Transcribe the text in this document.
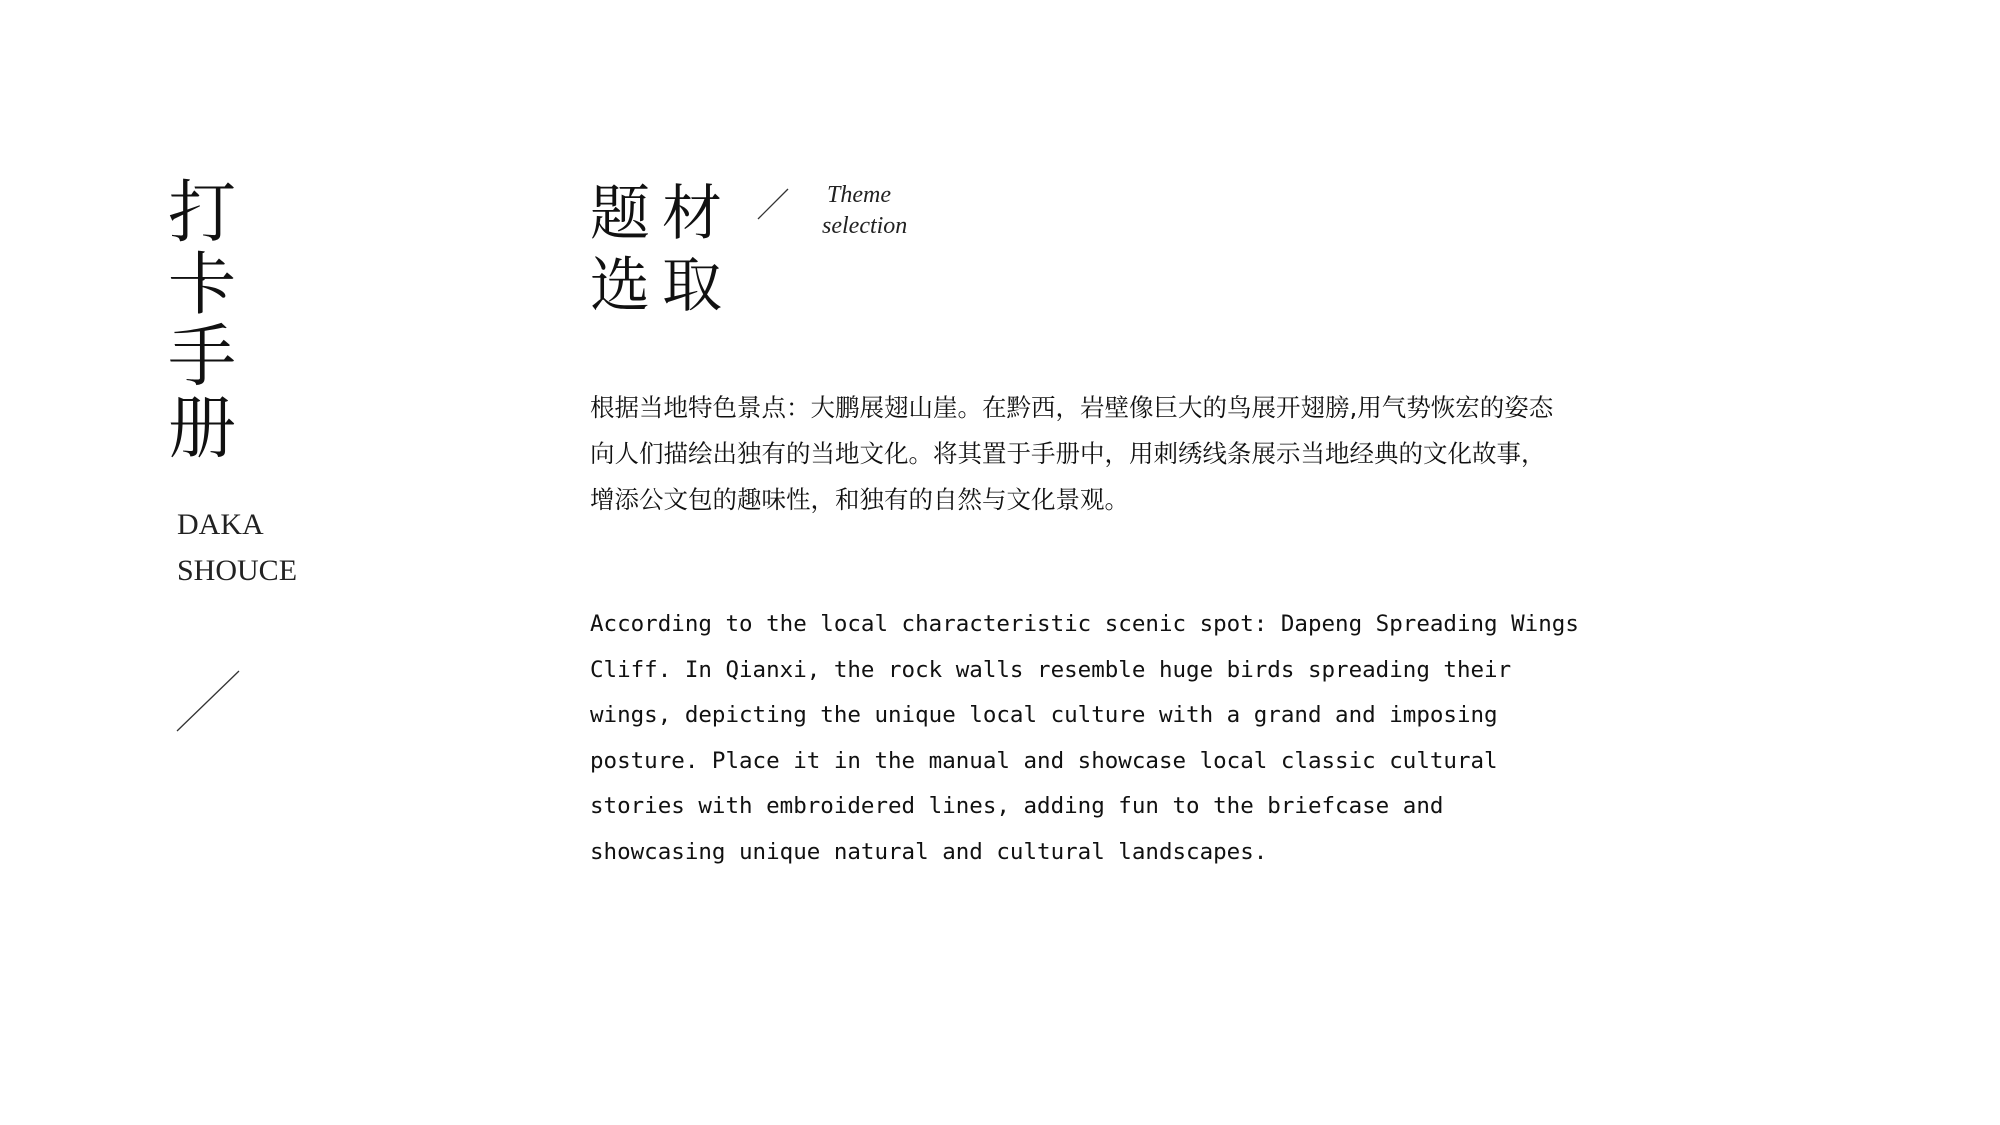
打卡手册
DAKA
SHOUCE
题材
选取
Theme
selection

根据当地特色景点：大鹏展翅山崖。在黔西，岩壁像巨大的鸟展开翅膀,用气势恢宏的姿态向人们描绘出独有的当地文化。将其置于手册中，用刺绣线条展示当地经典的文化故事，增添公文包的趣味性，和独有的自然与文化景观。

According to the local characteristic scenic spot: Dapeng Spreading Wings Cliff. In Qianxi, the rock walls resemble huge birds spreading their wings, depicting the unique local culture with a grand and imposing posture. Place it in the manual and showcase local classic cultural stories with embroidered lines, adding fun to the briefcase and showcasing unique natural and cultural landscapes.
